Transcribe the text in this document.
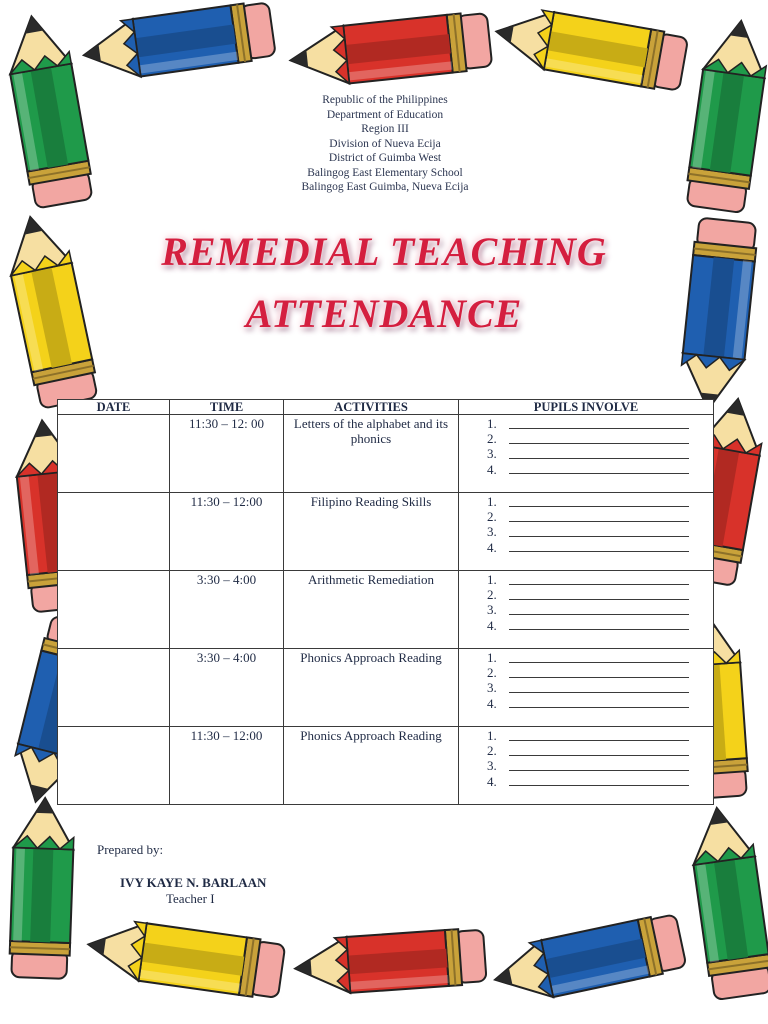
Republic of the Philippines
Department of Education
Region III
Division of Nueva Ecija
District of Guimba West
Balingog East Elementary School
Balingog East Guimba, Nueva Ecija
REMEDIAL TEACHING
ATTENDANCE
DATE	TIME	ACTIVITIES	PUPILS INVOLVE
	11:30 – 12: 00	Letters of the alphabet and its phonics	1.
2.
3.
4.

	11:30 – 12:00	Filipino Reading Skills	1.
2.
3.
4.

	3:30 – 4:00	Arithmetic Remediation	1.
2.
3.
4.

	3:30 – 4:00	Phonics Approach Reading	1.
2.
3.
4.

	11:30 – 12:00	Phonics Approach Reading	1.
2.
3.
4.
Prepared by:
IVY KAYE N. BARLAAN
Teacher I
